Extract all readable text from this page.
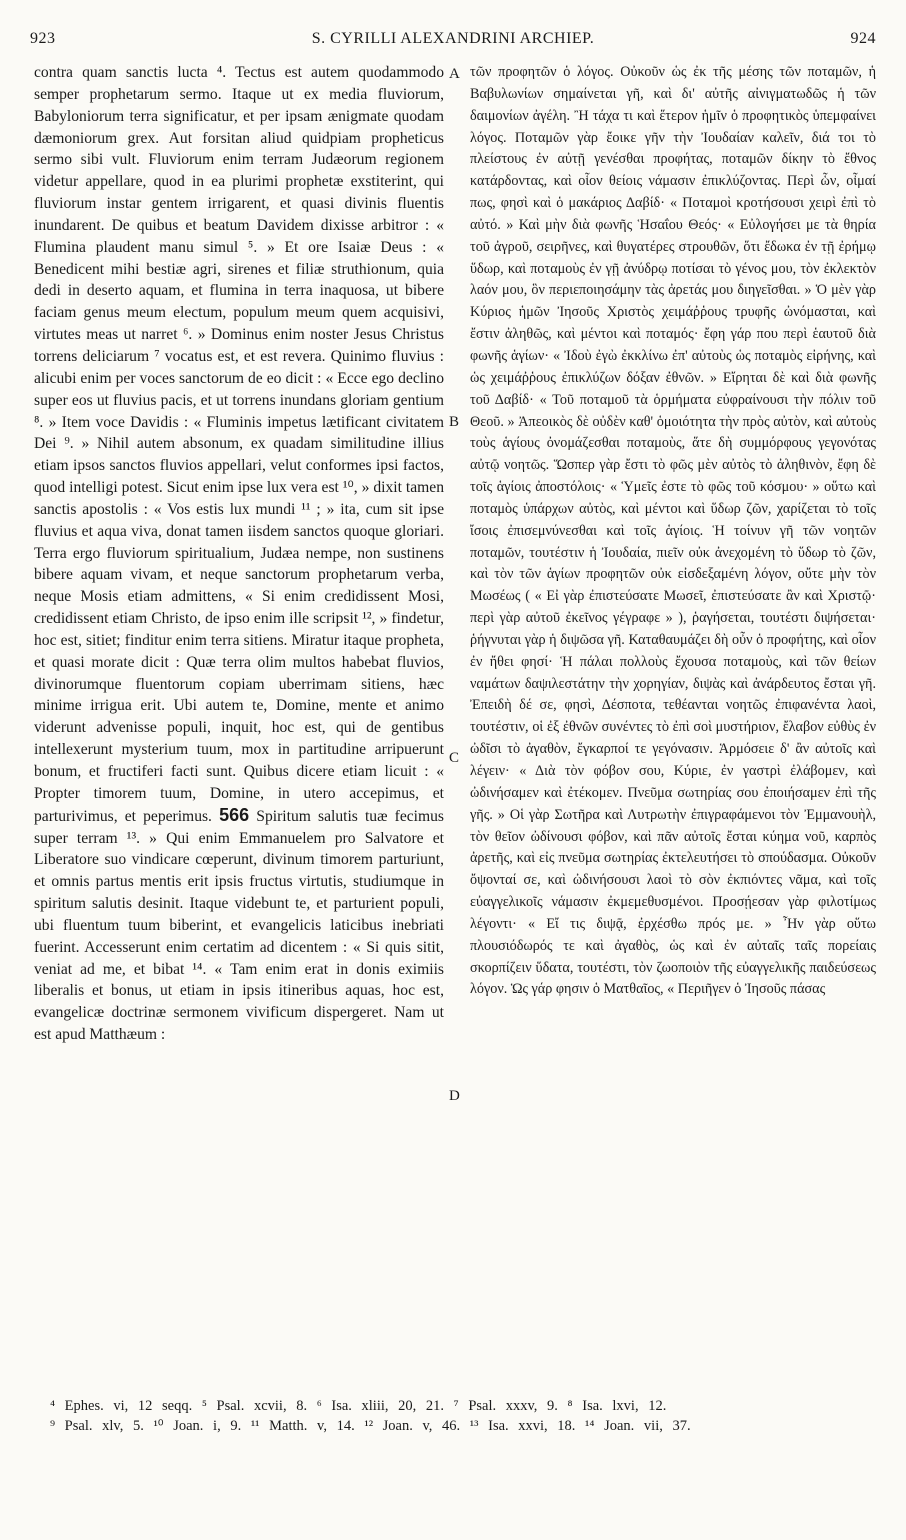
923	S. CYRILLI ALEXANDRINI ARCHIEP.	924

contra quam sanctis lucta ⁴. Tectus est autem quodammodo semper prophetarum sermo. Itaque ut ex media fluviorum, Babyloniorum terra significatur, et per ipsam ænigmate quodam dæmoniorum grex. Aut forsitan aliud quidpiam propheticus sermo sibi vult. Fluviorum enim terram Judæorum regionem videtur appellare, quod in ea plurimi prophetæ exstiterint, qui fluviorum instar gentem irrigarent, et quasi divinis fluentis inundarent. De quibus et beatum Davidem dixisse arbitror : « Flumina plaudent manu simul ⁵. » Et ore Isaiæ Deus : « Benedicent mihi bestiæ agri, sirenes et filiæ struthionum, quia dedi in deserto aquam, et flumina in terra inaquosa, ut bibere faciam genus meum electum, populum meum quem acquisivi, virtutes meas ut narret ⁶. » Dominus enim noster Jesus Christus torrens deliciarum ⁷ vocatus est, et est revera. Quinimo fluvius : alicubi enim per voces sanctorum de eo dicit : « Ecce ego declino super eos ut fluvius pacis, et ut torrens inundans gloriam gentium ⁸. » Item voce Davidis : « Fluminis impetus lætificant civitatem Dei ⁹. » Nihil autem absonum, ex quadam similitudine illius etiam ipsos sanctos fluvios appellari, velut conformes ipsi factos, quod intelligi potest. Sicut enim ipse lux vera est ¹⁰, » dixit tamen sanctis apostolis : « Vos estis lux mundi ¹¹ ; » ita, cum sit ipse fluvius et aqua viva, donat tamen iisdem sanctos quoque gloriari. Terra ergo fluviorum spiritualium, Judæa nempe, non sustinens bibere aquam vivam, et neque sanctorum prophetarum verba, neque Mosis etiam admittens, « Si enim credidissent Mosi, credidissent etiam Christo, de ipso enim ille scripsit ¹², » findetur, hoc est, sitiet; finditur enim terra sitiens. Miratur itaque propheta, et quasi morate dicit : Quæ terra olim multos habebat fluvios, divinorumque fluentorum copiam uberrimam sitiens, hæc minime irrigua erit. Ubi autem te, Domine, mente et animo viderunt advenisse populi, inquit, hoc est, qui de gentibus intellexerunt mysterium tuum, mox in partitudine arripuerunt bonum, et fructiferi facti sunt. Quibus dicere etiam licuit : « Propter timorem tuum, Domine, in utero accepimus, et parturivimus, et peperimus. 566 Spiritum salutis tuæ fecimus super terram ¹³. » Qui enim Emmanuelem pro Salvatore et Liberatore suo vindicare cœperunt, divinum timorem parturiunt, et omnis partus mentis erit ipsis fructus virtutis, studiumque in spiritum salutis desinit. Itaque videbunt te, et parturient populi, ubi fluentum tuum biberint, et evangelicis laticibus inebriati fuerint. Accesserunt enim certatim ad dicentem : « Si quis sitit, veniat ad me, et bibat ¹⁴. « Tam enim erat in donis eximiis liberalis et bonus, ut etiam in ipsis itineribus aquas, hoc est, evangelicæ doctrinæ sermonem vivificum dispergeret. Nam ut est apud Matthæum :

A
B
C
D

τῶν προφητῶν ὁ λόγος. Οὐκοῦν ὡς ἐκ τῆς μέσης τῶν ποταμῶν, ἡ Βαβυλωνίων σημαίνεται γῆ, καὶ δι' αὐτῆς αἰνιγματωδῶς ἡ τῶν δαιμονίων ἀγέλη. Ἢ τάχα τι καὶ ἕτερον ἡμῖν ὁ προφητικὸς ὑπεμφαίνει λόγος. Ποταμῶν γὰρ ἔοικε γῆν τὴν Ἰουδαίαν καλεῖν, διά τοι τὸ πλείστους ἐν αὐτῇ γενέσθαι προφήτας, ποταμῶν δίκην τὸ ἔθνος κατάρδοντας, καὶ οἷον θείοις νάμασιν ἐπικλύζοντας. Περὶ ὧν, οἶμαί πως, φησὶ καὶ ὁ μακάριος Δαβίδ· « Ποταμοὶ κροτήσουσι χειρὶ ἐπὶ τὸ αὐτό. » Καὶ μὴν διὰ φωνῆς Ἡσαΐου Θεός· « Εὐλογήσει με τὰ θηρία τοῦ ἀγροῦ, σειρῆνες, καὶ θυγατέρες στρουθῶν, ὅτι ἔδωκα ἐν τῇ ἐρήμῳ ὕδωρ, καὶ ποταμοὺς ἐν γῇ ἀνύδρῳ ποτίσαι τὸ γένος μου, τὸν ἐκλεκτὸν λαόν μου, ὃν περιεποιησάμην τὰς ἀρετάς μου διηγεῖσθαι. » Ὁ μὲν γὰρ Κύριος ἡμῶν Ἰησοῦς Χριστὸς χειμάῤῥους τρυφῆς ὠνόμασται, καὶ ἔστιν ἀληθῶς, καὶ μέντοι καὶ ποταμός· ἔφη γάρ που περὶ ἑαυτοῦ διὰ φωνῆς ἁγίων· « Ἰδοὺ ἐγὼ ἐκκλίνω ἐπ' αὐτοὺς ὡς ποταμὸς εἰρήνης, καὶ ὡς χειμάῤῥους ἐπικλύζων δόξαν ἐθνῶν. » Εἴρηται δὲ καὶ διὰ φωνῆς τοῦ Δαβίδ· « Τοῦ ποταμοῦ τὰ ὁρμήματα εὐφραίνουσι τὴν πόλιν τοῦ Θεοῦ. » Ἀπεοικὸς δὲ οὐδὲν καθ' ὁμοιότητα τὴν πρὸς αὐτὸν, καὶ αὐτοὺς τοὺς ἁγίους ὀνομάζεσθαι ποταμοὺς, ἅτε δὴ συμμόρφους γεγονότας αὐτῷ νοητῶς. Ὥσπερ γὰρ ἔστι τὸ φῶς μὲν αὐτὸς τὸ ἀληθινὸν, ἔφη δὲ τοῖς ἁγίοις ἀποστόλοις· « Ὑμεῖς ἐστε τὸ φῶς τοῦ κόσμου· » οὕτω καὶ ποταμὸς ὑπάρχων αὐτὸς, καὶ μέντοι καὶ ὕδωρ ζῶν, χαρίζεται τὸ τοῖς ἴσοις ἐπισεμνύνεσθαι καὶ τοῖς ἁγίοις. Ἡ τοίνυν γῆ τῶν νοητῶν ποταμῶν, τουτέστιν ἡ Ἰουδαία, πιεῖν οὐκ ἀνεχομένη τὸ ὕδωρ τὸ ζῶν, καὶ τὸν τῶν ἁγίων προφητῶν οὐκ εἰσδεξαμένη λόγον, οὔτε μὴν τὸν Μωσέως ( « Εἰ γὰρ ἐπιστεύσατε Μωσεῖ, ἐπιστεύσατε ἂν καὶ Χριστῷ· περὶ γὰρ αὐτοῦ ἐκεῖνος γέγραφε » ), ῥαγήσεται, τουτέστι διψήσεται· ῥήγνυται γὰρ ἡ διψῶσα γῆ. Καταθαυμάζει δὴ οὖν ὁ προφήτης, καὶ οἷον ἐν ἤθει φησί· Ἡ πάλαι πολλοὺς ἔχουσα ποταμοὺς, καὶ τῶν θείων ναμάτων δαψιλεστάτην τὴν χορηγίαν, διψὰς καὶ ἀνάρδευτος ἔσται γῆ. Ἐπειδὴ δέ σε, φησὶ, Δέσποτα, τεθέανται νοητῶς ἐπιφανέντα λαοὶ, τουτέστιν, οἱ ἐξ ἐθνῶν συνέντες τὸ ἐπὶ σοὶ μυστήριον, ἔλαβον εὐθὺς ἐν ὠδῖσι τὸ ἀγαθὸν, ἔγκαρποί τε γεγόνασιν. Ἁρμόσειε δ' ἂν αὐτοῖς καὶ λέγειν· « Διὰ τὸν φόβον σου, Κύριε, ἐν γαστρὶ ἐλάβομεν, καὶ ὠδινήσαμεν καὶ ἐτέκομεν. Πνεῦμα σωτηρίας σου ἐποιήσαμεν ἐπὶ τῆς γῆς. » Οἱ γὰρ Σωτῆρα καὶ Λυτρωτὴν ἐπιγραφάμενοι τὸν Ἐμμανουὴλ, τὸν θεῖον ὠδίνουσι φόβον, καὶ πᾶν αὐτοῖς ἔσται κύημα νοῦ, καρπὸς ἀρετῆς, καὶ εἰς πνεῦμα σωτηρίας ἐκτελευτήσει τὸ σπούδασμα. Οὐκοῦν ὄψονταί σε, καὶ ὠδινήσουσι λαοὶ τὸ σὸν ἐκπιόντες νᾶμα, καὶ τοῖς εὐαγγελικοῖς νάμασιν ἐκμεμεθυσμένοι. Προσῄεσαν γὰρ φιλοτίμως λέγοντι· « Εἴ τις διψᾷ, ἐρχέσθω πρός με. » Ἦν γὰρ οὕτω πλουσιόδωρός τε καὶ ἀγαθὸς, ὡς καὶ ἐν αὐταῖς ταῖς πορείαις σκορπίζειν ὕδατα, τουτέστι, τὸν ζωοποιὸν τῆς εὐαγγελικῆς παιδεύσεως λόγον. Ὡς γάρ φησιν ὁ Ματθαῖος, « Περιῆγεν ὁ Ἰησοῦς πάσας

⁴ Ephes. vi, 12 seqq. ⁵ Psal. xcvii, 8. ⁶ Isa. xliii, 20, 21. ⁷ Psal. xxxv, 9. ⁸ Isa. lxvi, 12.
⁹ Psal. xlv, 5. ¹⁰ Joan. i, 9. ¹¹ Matth. v, 14. ¹² Joan. v, 46. ¹³ Isa. xxvi, 18. ¹⁴ Joan. vii, 37.
